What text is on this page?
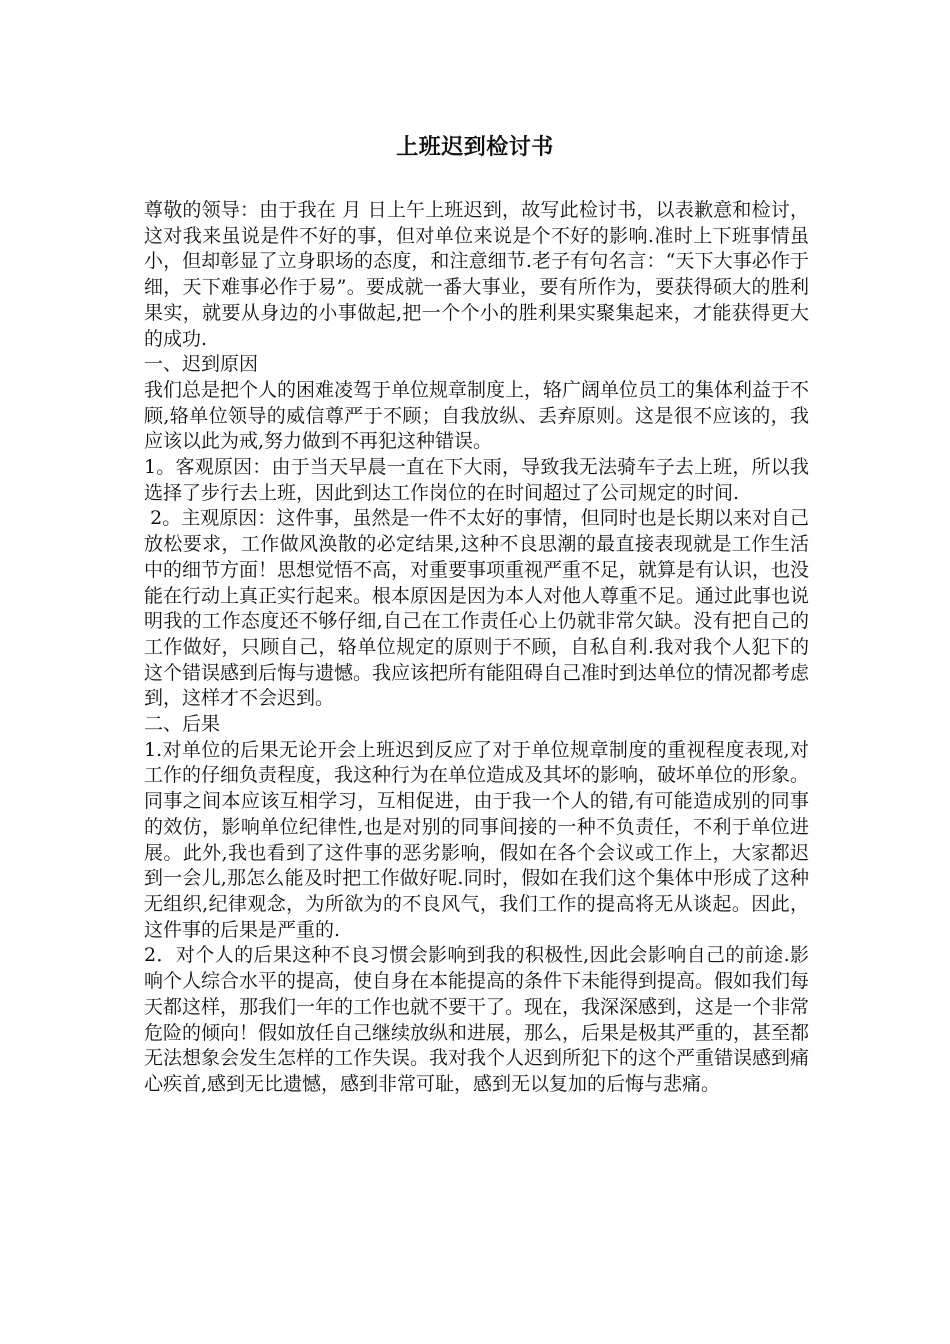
上班迟到检讨书

尊敬的领导：由于我在 月 日上午上班迟到，故写此检讨书，以表歉意和检讨，这对我来虽说是件不好的事，但对单位来说是个不好的影响.准时上下班事情虽小，但却彰显了立身职场的态度，和注意细节.老子有句名言：“天下大事必作于细，天下难事必作于易”。要成就一番大事业，要有所作为，要获得硕大的胜利果实，就要从身边的小事做起,把一个个小的胜利果实聚集起来，才能获得更大的成功.

一、迟到原因

我们总是把个人的困难凌驾于单位规章制度上，辂广阔单位员工的集体利益于不顾,辂单位领导的威信尊严于不顾；自我放纵、丢弃原则。这是很不应该的，我应该以此为戒,努力做到不再犯这种错误。

1。客观原因：由于当天早晨一直在下大雨，导致我无法骑车子去上班，所以我选择了步行去上班，因此到达工作岗位的在时间超过了公司规定的时间.

2。主观原因：这件事，虽然是一件不太好的事情，但同时也是长期以来对自己放松要求，工作做风涣散的必定结果,这种不良思潮的最直接表现就是工作生活中的细节方面！思想觉悟不高，对重要事项重视严重不足，就算是有认识，也没能在行动上真正实行起来。根本原因是因为本人对他人尊重不足。通过此事也说明我的工作态度还不够仔细,自己在工作责任心上仍就非常欠缺。没有把自己的工作做好，只顾自己，辂单位规定的原则于不顾，自私自利.我对我个人犯下的这个错误感到后悔与遗憾。我应该把所有能阻碍自己准时到达单位的情况都考虑到，这样才不会迟到。

二、后果

1.对单位的后果无论开会上班迟到反应了对于单位规章制度的重视程度表现,对工作的仔细负责程度，我这种行为在单位造成及其坏的影响，破坏单位的形象。同事之间本应该互相学习，互相促进，由于我一个人的错,有可能造成别的同事的效仿，影响单位纪律性,也是对别的同事间接的一种不负责任，不利于单位进展。此外,我也看到了这件事的恶劣影响，假如在各个会议或工作上，大家都迟到一会儿,那怎么能及时把工作做好呢.同时，假如在我们这个集体中形成了这种无组织,纪律观念，为所欲为的不良风气，我们工作的提高将无从谈起。因此，这件事的后果是严重的.

2．对个人的后果这种不良习惯会影响到我的积极性,因此会影响自己的前途.影响个人综合水平的提高，使自身在本能提高的条件下未能得到提高。假如我们每天都这样，那我们一年的工作也就不要干了。现在，我深深感到，这是一个非常危险的倾向！假如放任自己继续放纵和进展，那么，后果是极其严重的，甚至都无法想象会发生怎样的工作失误。我对我个人迟到所犯下的这个严重错误感到痛心疾首,感到无比遗憾，感到非常可耻，感到无以复加的后悔与悲痛。
